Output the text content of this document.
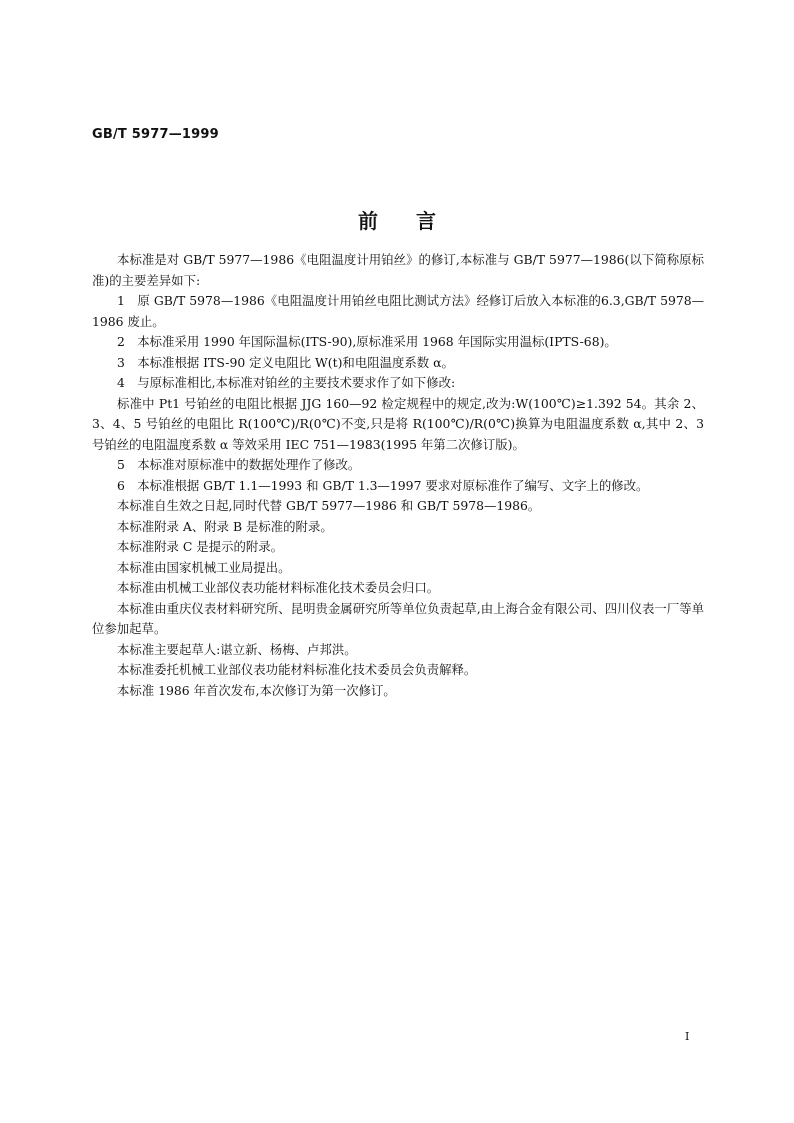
GB/T 5977—1999
前言

本标准是对 GB/T 5977—1986《电阻温度计用铂丝》的修订,本标准与 GB/T 5977—1986(以下简称原标准)的主要差异如下:

1　原 GB/T 5978—1986《电阻温度计用铂丝电阻比测试方法》经修订后放入本标准的6.3,GB/T 5978—1986 废止。

2　本标准采用 1990 年国际温标(ITS-90),原标准采用 1968 年国际实用温标(IPTS-68)。

3　本标准根据 ITS-90 定义电阻比 W(t)和电阻温度系数 α。

4　与原标准相比,本标准对铂丝的主要技术要求作了如下修改:

标准中 Pt1 号铂丝的电阻比根据 JJG 160—92 检定规程中的规定,改为:W(100℃)≥1.392 54。其余 2、3、4、5 号铂丝的电阻比 R(100℃)/R(0℃)不变,只是将 R(100℃)/R(0℃)换算为电阻温度系数 α,其中 2、3 号铂丝的电阻温度系数 α 等效采用 IEC 751—1983(1995 年第二次修订版)。

5　本标准对原标准中的数据处理作了修改。

6　本标准根据 GB/T 1.1—1993 和 GB/T 1.3—1997 要求对原标准作了编写、文字上的修改。

本标准自生效之日起,同时代替 GB/T 5977—1986 和 GB/T 5978—1986。

本标准附录 A、附录 B 是标准的附录。

本标准附录 C 是提示的附录。

本标准由国家机械工业局提出。

本标准由机械工业部仪表功能材料标准化技术委员会归口。

本标准由重庆仪表材料研究所、昆明贵金属研究所等单位负责起草,由上海合金有限公司、四川仪表一厂等单位参加起草。

本标准主要起草人:谌立新、杨梅、卢邦洪。

本标准委托机械工业部仪表功能材料标准化技术委员会负责解释。

本标准 1986 年首次发布,本次修订为第一次修订。

I
